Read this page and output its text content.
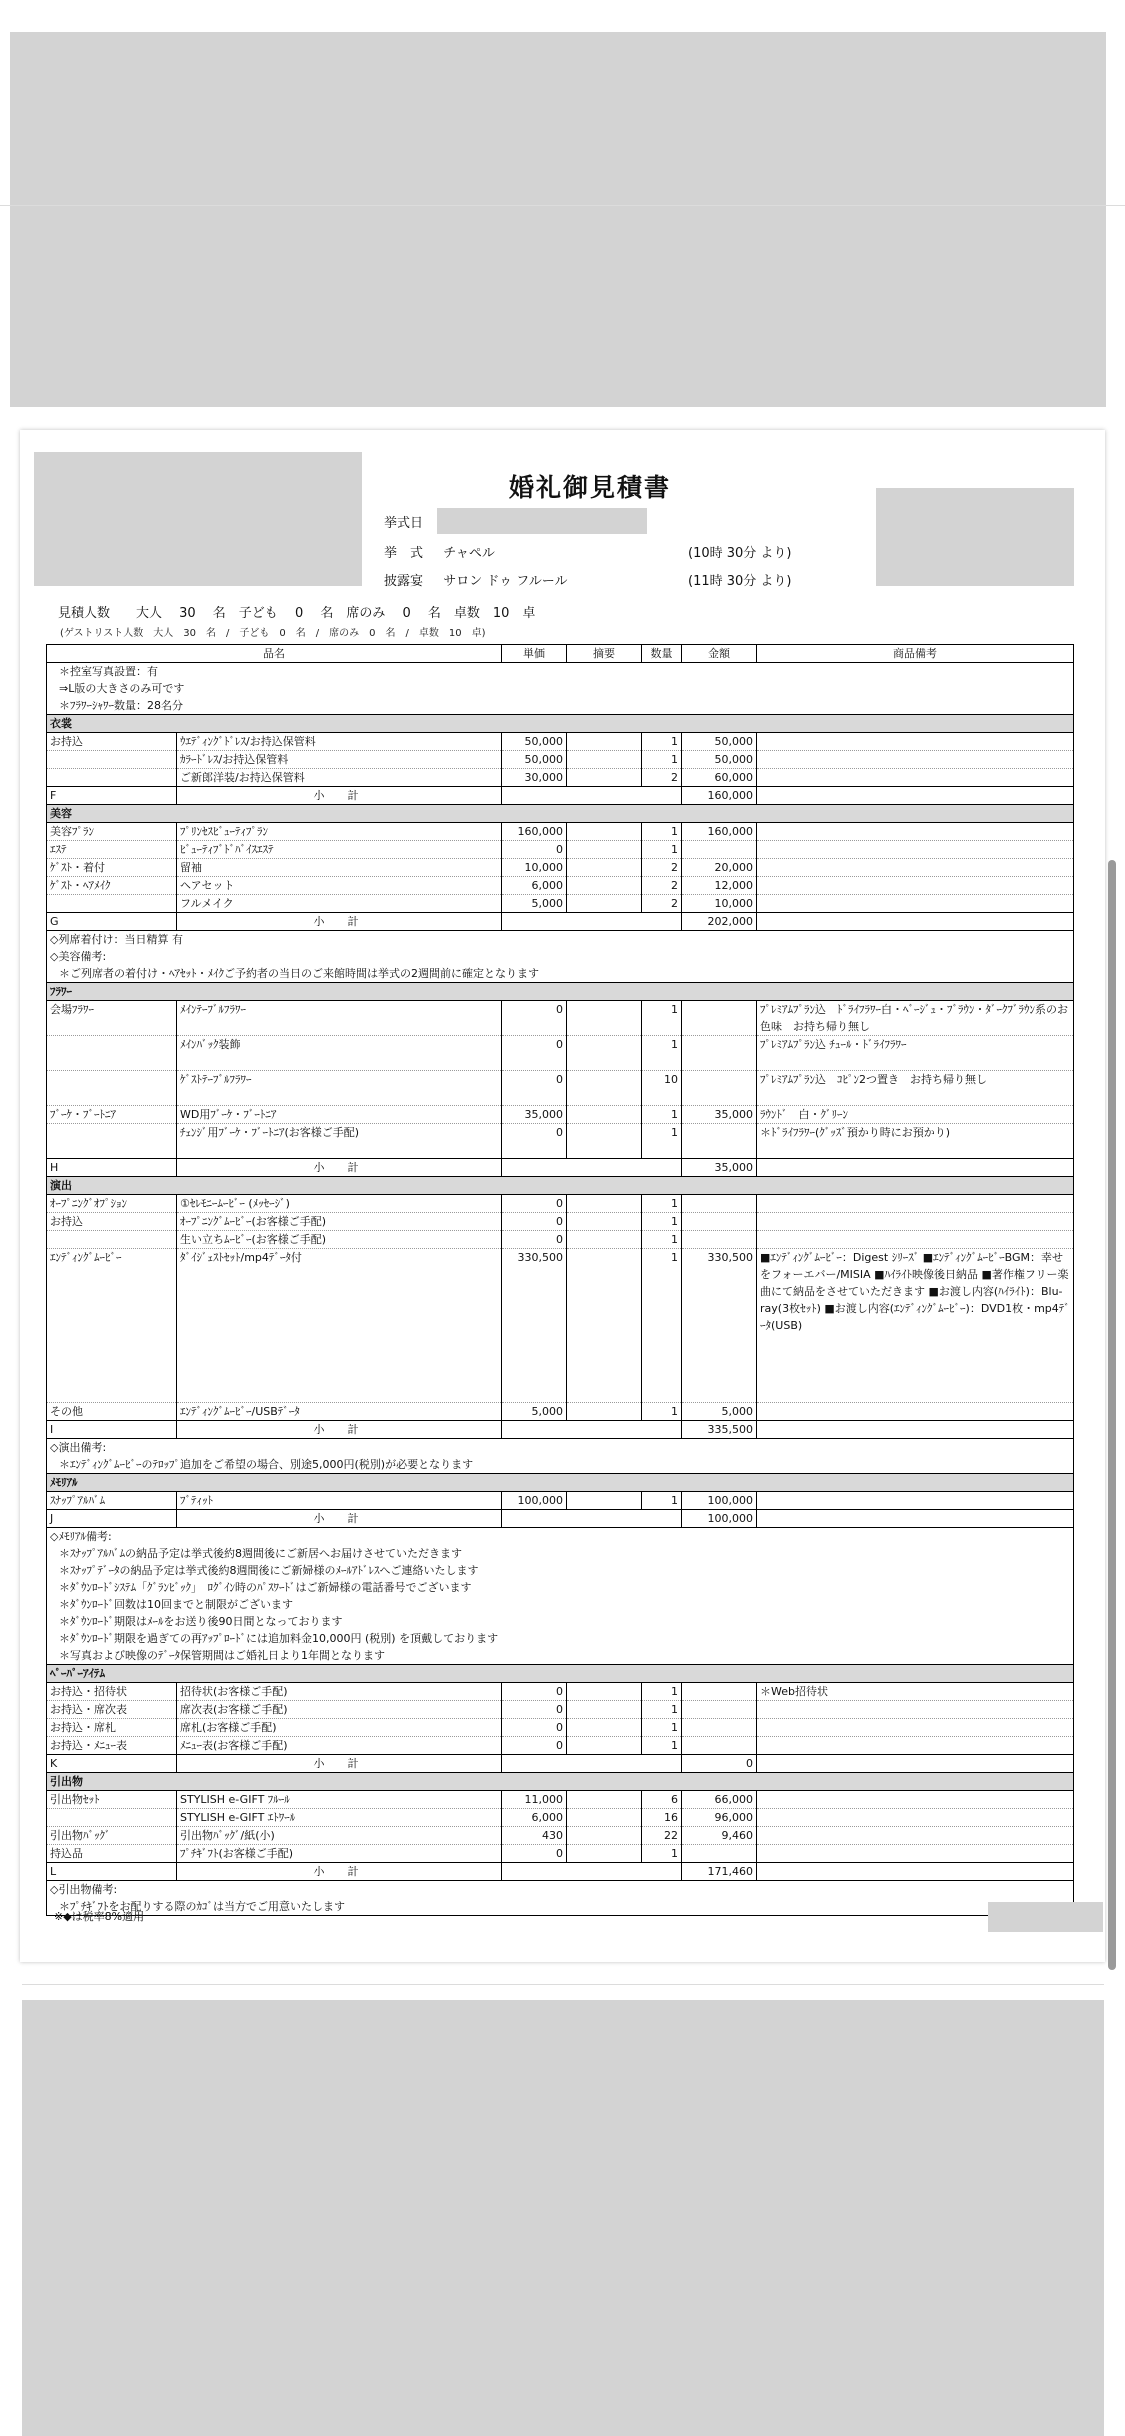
婚礼御見積書
挙式日
挙　式 チャペル	(10時 30分 より)
披露宴 サロン ドゥ フルール	(11時 30分 より)
見積人数　　大人　 30　 名　子ども　 0　 名　席のみ　 0　 名　卓数　10　卓
(ゲストリスト人数　大人　30　名　/　子ども　0　名　/　席のみ　0　名　/　卓数　10　卓)
品名		単価	摘要	数量	金額	商品備考
＊控室写真設置：有						
⇒L版の大きさのみ可です						
＊ﾌﾗﾜｰｼｬﾜｰ数量：28名分						
衣裳						
お持込	ｳｴﾃﾞｨﾝｸﾞﾄﾞﾚｽ/お持込保管料	50,000		1	50,000	
	ｶﾗｰﾄﾞﾚｽ/お持込保管料	50,000		1	50,000	
	ご新郎洋装/お持込保管料	30,000		2	60,000	
F	小　計				160,000	
美容						
美容ﾌﾟﾗﾝ	ﾌﾟﾘﾝｾｽﾋﾞｭｰﾃｨﾌﾟﾗﾝ	160,000		1	160,000	
ｴｽﾃ	ﾋﾞｭｰﾃｨﾌﾞﾄﾞﾊﾞｲｽｴｽﾃ	0		1		
ｹﾞｽﾄ・着付	留袖	10,000		2	20,000	
ｹﾞｽﾄ・ﾍｱﾒｲｸ	ヘアセット	6,000		2	12,000	
	フルメイク	5,000		2	10,000	
G	小　計				202,000	
◇列席着付け：当日精算 有						
◇美容備考:						
＊ご列席者の着付け・ﾍｱｾｯﾄ・ﾒｲｸご予約者の当日のご来館時間は挙式の2週間前に確定となります						
ﾌﾗﾜｰ						
会場ﾌﾗﾜｰ	ﾒｲﾝﾃｰﾌﾞﾙﾌﾗﾜｰ	0		1		ﾌﾟﾚﾐｱﾑﾌﾟﾗﾝ込　ﾄﾞﾗｲﾌﾗﾜｰ白・ﾍﾞｰｼﾞｭ・ﾌﾞﾗｳﾝ・ﾀﾞｰｸﾌﾞﾗｳﾝ系のお色味　お持ち帰り無し
	ﾒｲﾝﾊﾞｯｸ装飾	0		1		ﾌﾟﾚﾐｱﾑﾌﾟﾗﾝ込 ﾁｭｰﾙ・ﾄﾞﾗｲﾌﾗﾜｰ
	ｹﾞｽﾄﾃｰﾌﾞﾙﾌﾗﾜｰ	0		10		ﾌﾟﾚﾐｱﾑﾌﾟﾗﾝ込　ｺﾋﾟﾝ2つ置き　お持ち帰り無し
ﾌﾞｰｹ・ﾌﾞｰﾄﾆｱ	WD用ﾌﾞｰｹ・ﾌﾞｰﾄﾆｱ	35,000		1	35,000	ﾗｳﾝﾄﾞ　白・ｸﾞﾘｰﾝ
	ﾁｪﾝｼﾞ用ﾌﾞｰｹ・ﾌﾞｰﾄﾆｱ(お客様ご手配)	0		1		＊ﾄﾞﾗｲﾌﾗﾜｰ(ｸﾞｯｽﾞ預かり時にお預かり)
H	小　計				35,000	
演出						
ｵｰﾌﾟﾆﾝｸﾞｵﾌﾟｼｮﾝ	①ｾﾚﾓﾆｰﾑｰﾋﾞｰ (ﾒｯｾｰｼﾞ)	0		1		
お持込	ｵｰﾌﾟﾆﾝｸﾞﾑｰﾋﾞｰ(お客様ご手配)	0		1		
	生い立ちﾑｰﾋﾞｰ(お客様ご手配)	0		1		
ｴﾝﾃﾞｨﾝｸﾞﾑｰﾋﾞｰ	ﾀﾞｲｼﾞｪｽﾄｾｯﾄ/mp4ﾃﾞｰﾀ付	330,500		1	330,500	■ｴﾝﾃﾞｨﾝｸﾞﾑｰﾋﾞｰ：Digest ｼﾘｰｽﾞ ■ｴﾝﾃﾞｨﾝｸﾞﾑｰﾋﾞｰBGM：幸せをフォーエバー/MISIA ■ﾊｲﾗｲﾄ映像後日納品 ■著作権フリー楽曲にて納品をさせていただきます ■お渡し内容(ﾊｲﾗｲﾄ)：Blu-ray(3枚ｾｯﾄ) ■お渡し内容(ｴﾝﾃﾞｨﾝｸﾞﾑｰﾋﾞｰ)：DVD1枚・mp4ﾃﾞｰﾀ(USB)
その他	ｴﾝﾃﾞｨﾝｸﾞﾑｰﾋﾞｰ/USBﾃﾞｰﾀ	5,000		1	5,000	
I	小　計				335,500	
◇演出備考:						
＊ｴﾝﾃﾞｨﾝｸﾞﾑｰﾋﾞｰのﾃﾛｯﾌﾟ追加をご希望の場合、別途5,000円(税別)が必要となります						
ﾒﾓﾘｱﾙ						
ｽﾅｯﾌﾟｱﾙﾊﾞﾑ	ﾌﾞﾃｨｯﾄ	100,000		1	100,000	
J	小　計				100,000	
◇ﾒﾓﾘｱﾙ備考:						
＊ｽﾅｯﾌﾟｱﾙﾊﾞﾑの納品予定は挙式後約8週間後にご新居へお届けさせていただきます						
＊ｽﾅｯﾌﾟﾃﾞｰﾀの納品予定は挙式後約8週間後にご新婦様のﾒｰﾙｱﾄﾞﾚｽへご連絡いたします						
＊ﾀﾞｳﾝﾛｰﾄﾞｼｽﾃﾑ「ｸﾞﾗﾝﾋﾞｯｸ」　ﾛｸﾞｲﾝ時のﾊﾟｽﾜｰﾄﾞはご新婦様の電話番号でございます						
＊ﾀﾞｳﾝﾛｰﾄﾞ回数は10回までと制限がございます						
＊ﾀﾞｳﾝﾛｰﾄﾞ期限はﾒｰﾙをお送り後90日間となっております						
＊ﾀﾞｳﾝﾛｰﾄﾞ期限を過ぎての再ｱｯﾌﾟﾛｰﾄﾞには追加料金10,000円 (税別) を頂戴しております						
＊写真および映像のﾃﾞｰﾀ保管期間はご婚礼日より1年間となります						
ﾍﾟｰﾊﾟｰｱｲﾃﾑ						
お持込・招待状	招待状(お客様ご手配)	0		1		＊Web招待状
お持込・席次表	席次表(お客様ご手配)	0		1		
お持込・席札	席札(お客様ご手配)	0		1		
お持込・ﾒﾆｭｰ表	ﾒﾆｭｰ表(お客様ご手配)	0		1		
K	小　計				0	
引出物						
引出物ｾｯﾄ	STYLISH e-GIFT ﾌﾙｰﾙ	11,000		6	66,000	
	STYLISH e-GIFT ｴﾄﾜｰﾙ	6,000		16	96,000	
引出物ﾊﾞｯｸﾞ	引出物ﾊﾞｯｸﾞ/紙(小)	430		22	9,460	
持込品	ﾌﾟﾁｷﾞﾌﾄ(お客様ご手配)	0		1		
L	小　計				171,460	
◇引出物備考:						
＊ﾌﾟﾁｷﾞﾌﾄをお配りする際のｶｺﾞは当方でご用意いたします						
※◆は税率8%適用
